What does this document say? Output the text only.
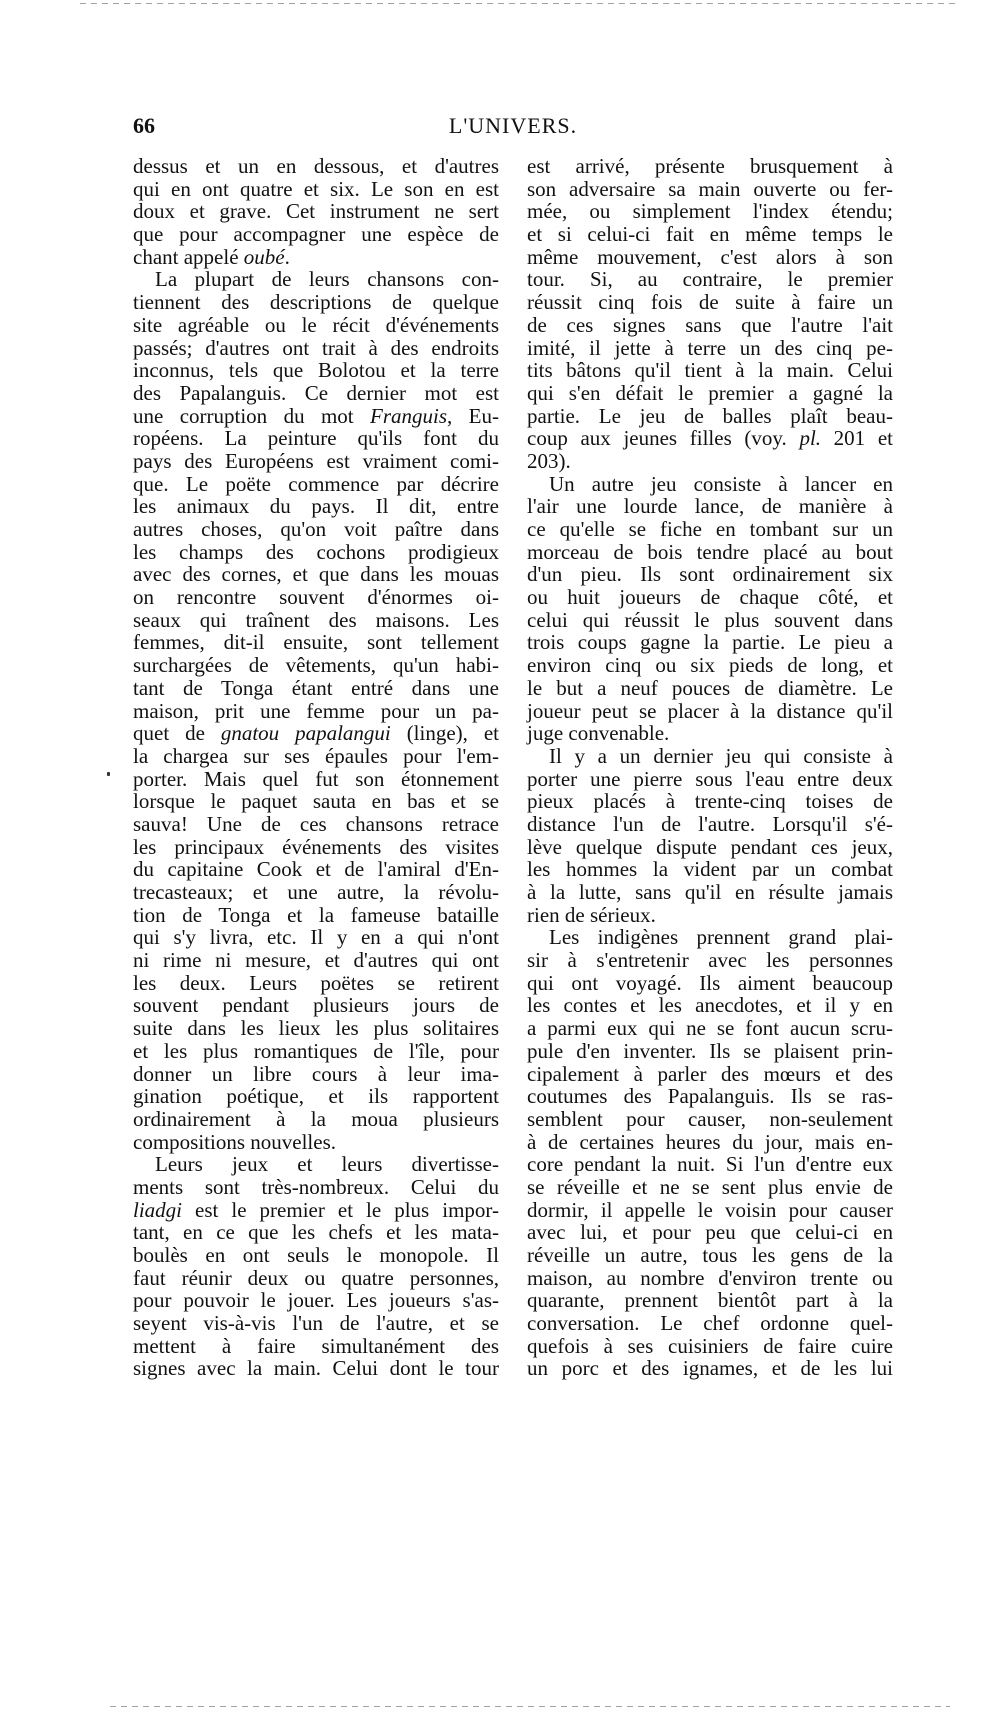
66	L'UNIVERS.
dessus et un en dessous, et d'autres
qui en ont quatre et six. Le son en est
doux et grave. Cet instrument ne sert
que pour accompagner une espèce de
chant appelé oubé.
La plupart de leurs chansons con-
tiennent des descriptions de quelque
site agréable ou le récit d'événements
passés; d'autres ont trait à des endroits
inconnus, tels que Bolotou et la terre
des Papalanguis. Ce dernier mot est
une corruption du mot Franguis, Eu-
ropéens. La peinture qu'ils font du
pays des Européens est vraiment comi-
que. Le poëte commence par décrire
les animaux du pays. Il dit, entre
autres choses, qu'on voit paître dans
les champs des cochons prodigieux
avec des cornes, et que dans les mouas
on rencontre souvent d'énormes oi-
seaux qui traînent des maisons. Les
femmes, dit-il ensuite, sont tellement
surchargées de vêtements, qu'un habi-
tant de Tonga étant entré dans une
maison, prit une femme pour un pa-
quet de gnatou papalangui (linge), et
la chargea sur ses épaules pour l'em-
porter. Mais quel fut son étonnement
lorsque le paquet sauta en bas et se
sauva! Une de ces chansons retrace
les principaux événements des visites
du capitaine Cook et de l'amiral d'En-
trecasteaux; et une autre, la révolu-
tion de Tonga et la fameuse bataille
qui s'y livra, etc. Il y en a qui n'ont
ni rime ni mesure, et d'autres qui ont
les deux. Leurs poëtes se retirent
souvent pendant plusieurs jours de
suite dans les lieux les plus solitaires
et les plus romantiques de l'île, pour
donner un libre cours à leur ima-
gination poétique, et ils rapportent
ordinairement à la moua plusieurs
compositions nouvelles.
Leurs jeux et leurs divertisse-
ments sont très-nombreux. Celui du
liadgi est le premier et le plus impor-
tant, en ce que les chefs et les mata-
boulès en ont seuls le monopole. Il
faut réunir deux ou quatre personnes,
pour pouvoir le jouer. Les joueurs s'as-
seyent vis-à-vis l'un de l'autre, et se
mettent à faire simultanément des
signes avec la main. Celui dont le tour
est arrivé, présente brusquement à
son adversaire sa main ouverte ou fer-
mée, ou simplement l'index étendu;
et si celui-ci fait en même temps le
même mouvement, c'est alors à son
tour. Si, au contraire, le premier
réussit cinq fois de suite à faire un
de ces signes sans que l'autre l'ait
imité, il jette à terre un des cinq pe-
tits bâtons qu'il tient à la main. Celui
qui s'en défait le premier a gagné la
partie. Le jeu de balles plaît beau-
coup aux jeunes filles (voy. pl. 201 et
203).
Un autre jeu consiste à lancer en
l'air une lourde lance, de manière à
ce qu'elle se fiche en tombant sur un
morceau de bois tendre placé au bout
d'un pieu. Ils sont ordinairement six
ou huit joueurs de chaque côté, et
celui qui réussit le plus souvent dans
trois coups gagne la partie. Le pieu a
environ cinq ou six pieds de long, et
le but a neuf pouces de diamètre. Le
joueur peut se placer à la distance qu'il
juge convenable.
Il y a un dernier jeu qui consiste à
porter une pierre sous l'eau entre deux
pieux placés à trente-cinq toises de
distance l'un de l'autre. Lorsqu'il s'é-
lève quelque dispute pendant ces jeux,
les hommes la vident par un combat
à la lutte, sans qu'il en résulte jamais
rien de sérieux.
Les indigènes prennent grand plai-
sir à s'entretenir avec les personnes
qui ont voyagé. Ils aiment beaucoup
les contes et les anecdotes, et il y en
a parmi eux qui ne se font aucun scru-
pule d'en inventer. Ils se plaisent prin-
cipalement à parler des mœurs et des
coutumes des Papalanguis. Ils se ras-
semblent pour causer, non-seulement
à de certaines heures du jour, mais en-
core pendant la nuit. Si l'un d'entre eux
se réveille et ne se sent plus envie de
dormir, il appelle le voisin pour causer
avec lui, et pour peu que celui-ci en
réveille un autre, tous les gens de la
maison, au nombre d'environ trente ou
quarante, prennent bientôt part à la
conversation. Le chef ordonne quel-
quefois à ses cuisiniers de faire cuire
un porc et des ignames, et de les lui
